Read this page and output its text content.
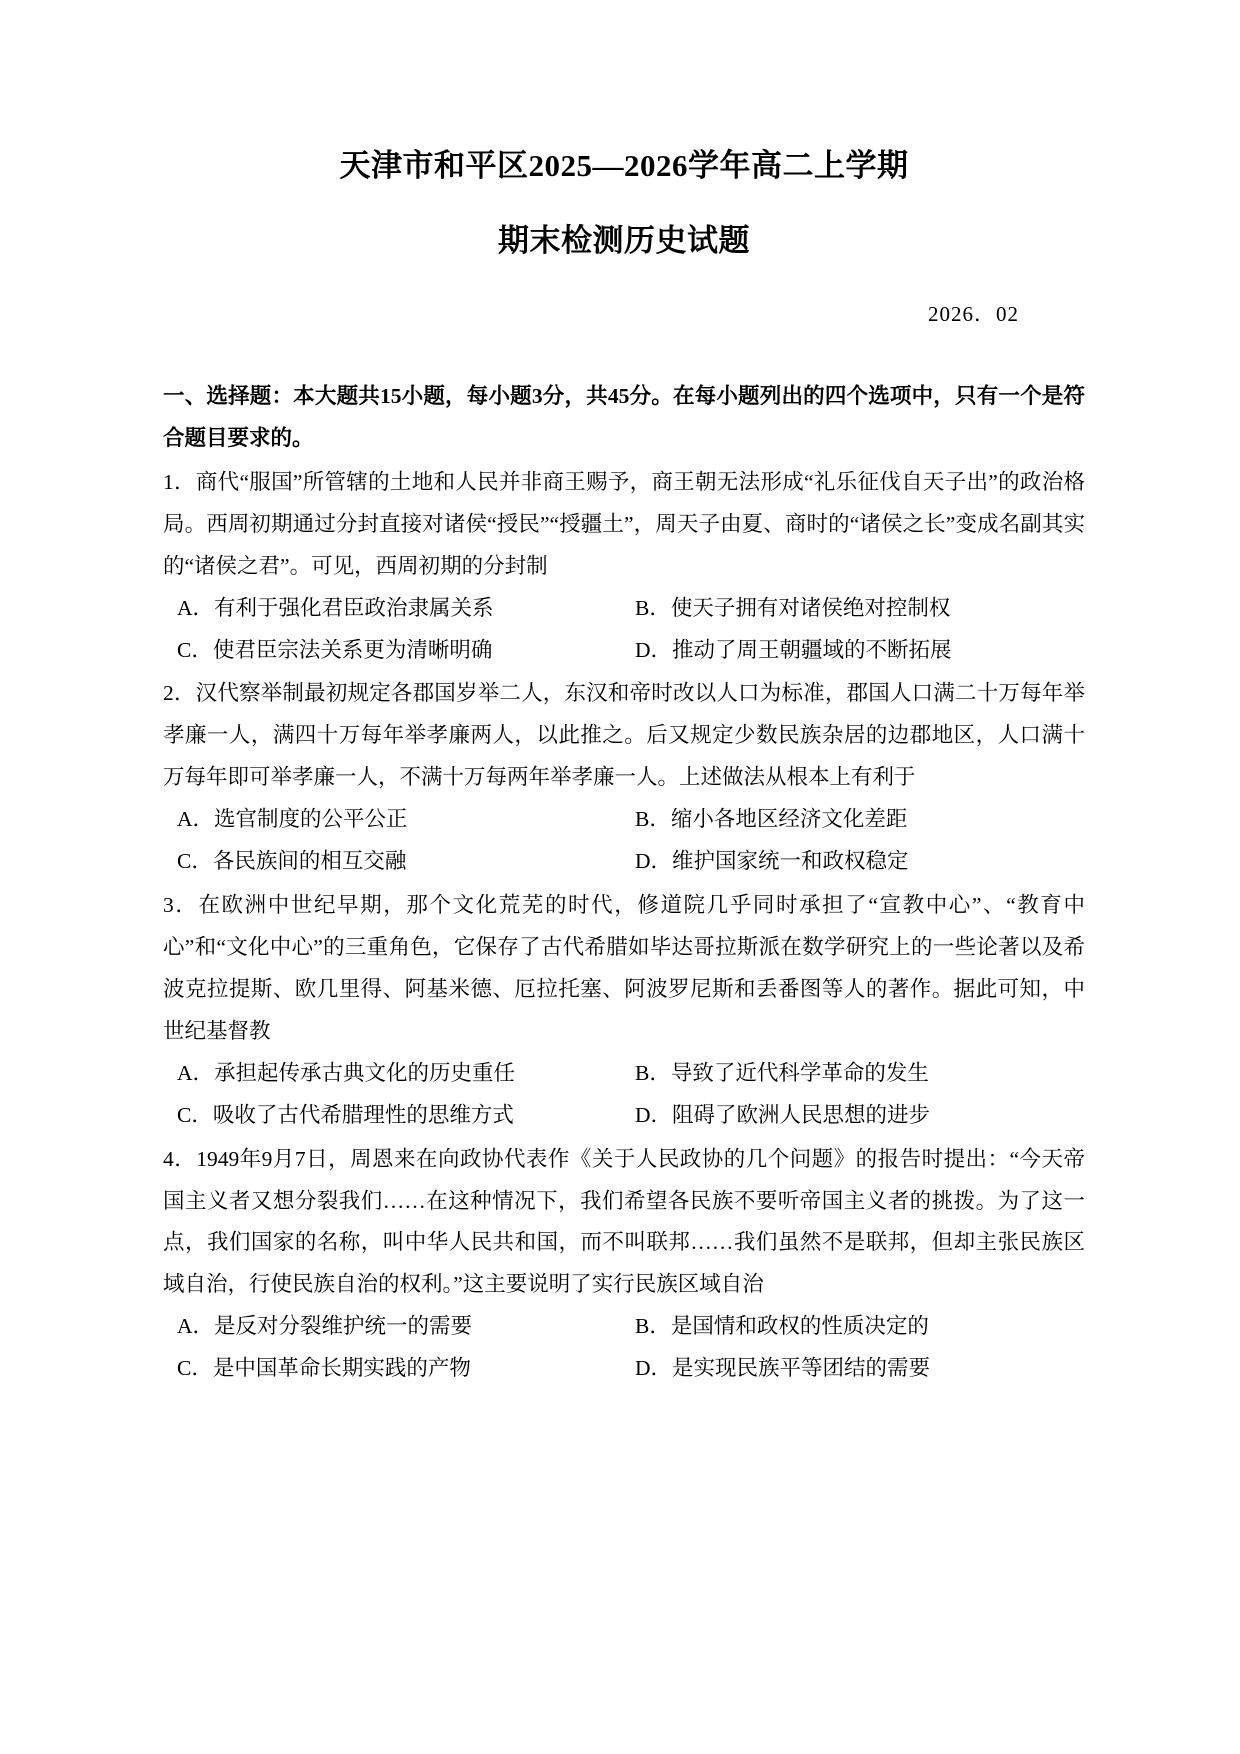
天津市和平区2025—2026学年高二上学期
期末检测历史试题
2026．02
一、选择题：本大题共15小题，每小题3分，共45分。在每小题列出的四个选项中，只有一个是符合题目要求的。

1．商代“服国”所管辖的土地和人民并非商王赐予，商王朝无法形成“礼乐征伐自天子出”的政治格局。西周初期通过分封直接对诸侯“授民”“授疆土”，周天子由夏、商时的“诸侯之长”变成名副其实的“诸侯之君”。可见，西周初期的分封制

A．有利于强化君臣政治隶属关系	B．使天子拥有对诸侯绝对控制权
C．使君臣宗法关系更为清晰明确	D．推动了周王朝疆域的不断拓展

2．汉代察举制最初规定各郡国岁举二人，东汉和帝时改以人口为标准，郡国人口满二十万每年举孝廉一人，满四十万每年举孝廉两人，以此推之。后又规定少数民族杂居的边郡地区，人口满十万每年即可举孝廉一人，不满十万每两年举孝廉一人。上述做法从根本上有利于

A．选官制度的公平公正	B．缩小各地区经济文化差距
C．各民族间的相互交融	D．维护国家统一和政权稳定

3．在欧洲中世纪早期，那个文化荒芜的时代，修道院几乎同时承担了“宣教中心”、“教育中心”和“文化中心”的三重角色，它保存了古代希腊如毕达哥拉斯派在数学研究上的一些论著以及希波克拉提斯、欧几里得、阿基米德、厄拉托塞、阿波罗尼斯和丢番图等人的著作。据此可知，中世纪基督教

A．承担起传承古典文化的历史重任	B．导致了近代科学革命的发生
C．吸收了古代希腊理性的思维方式	D．阻碍了欧洲人民思想的进步

4．1949年9月7日，周恩来在向政协代表作《关于人民政协的几个问题》的报告时提出：“今天帝国主义者又想分裂我们……在这种情况下，我们希望各民族不要听帝国主义者的挑拨。为了这一点，我们国家的名称，叫中华人民共和国，而不叫联邦……我们虽然不是联邦，但却主张民族区域自治，行使民族自治的权利。”这主要说明了实行民族区域自治

A．是反对分裂维护统一的需要	B．是国情和政权的性质决定的
C．是中国革命长期实践的产物	D．是实现民族平等团结的需要
